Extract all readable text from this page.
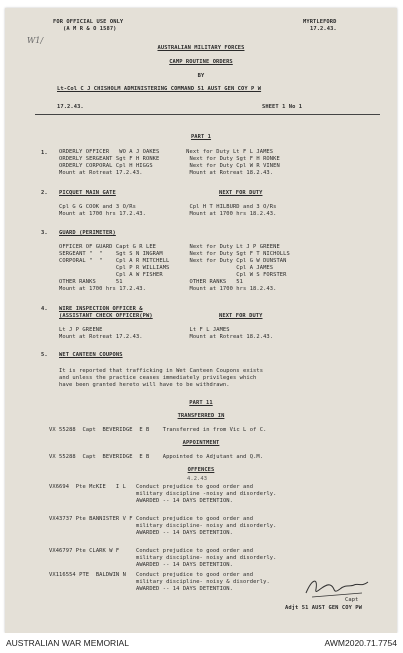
W1/
FOR OFFICIAL USE ONLY
(A M R & O 1587)
MYRTLEFORD
17.2.43.
AUSTRALIAN MILITARY FORCES
CAMP ROUTINE ORDERS
BY
Lt-Col C J CHISHOLM ADMINISTERING COMMAND 51 AUST GEN COY P W
17.2.43.	SHEET 1 No 1
PART 1
1. ORDERLY OFFICER   WO A J OAKES        Next for Duty Lt F L JAMES
ORDERLY SERGEANT Sgt F H RONKE         Next for Duty Sgt F H RONKE
ORDERLY CORPORAL Cpl H HIGGS           Next for Duty Cpl W R VINEN
Mount at Rotreat 17.2.43.              Mount at Rotreat 18.2.43.
2. PICQUET MAIN GATE	NEXT FOR DUTY
Cpl G G COOK and 3 O/Rs                Cpl H T HILBURD and 3 O/Rs
Mount at 1700 hrs 17.2.43.             Mount at 1700 hrs 18.2.43.
3. GUARD (PERIMETER)
OFFICER OF GUARD Capt G R LEE          Next for Duty Lt J P GREENE
SERGEANT "  "    Sgt S N INGRAM        Next for Duty Sgt F T NICHOLLS
CORPORAL "  "    Cpl A R MITCHELL      Next for Duty Cpl G W DUNSTAN
Cpl P R WILLIAMS                    Cpl A JAMES
Cpl A W FISHER                      Cpl W S FORSTER
OTHER RANKS      51                    OTHER RANKS   51
Mount at 1700 hrs 17.2.43.             Mount at 1700 hrs 18.2.43.
4. WIRE INSPECTION OFFICER &
(ASSISTANT CHECK OFFICER(PW)	NEXT FOR DUTY
Lt J P GREENE                          Lt F L JAMES
Mount at Rotreat 17.2.43.              Mount at Rotreat 18.2.43.
5. WET CANTEEN COUPONS
It is reported that trafficking in Wet Canteen Coupons exists
and unless the practice ceases immediately privileges which
have been granted hereto will have to be withdrawn.
PART 11
TRANSFERRED IN
VX 55288  Capt  BEVERIDGE  E B    Transferred in from Vic L of C.
APPOINTMENT
VX 55288  Capt  BEVERIDGE  E B    Appointed to Adjutant and Q.M.
OFFENCES
4.2.43
VX6694  Pte McKIE   I L   Conduct prejudice to good order and
military discipline -noisy and disorderly.
AWARDED -- 14 DAYS DETENTION.
VX43737 Pte BANNISTER V F Conduct prejudice to good order and
military discipline- noisy and disorderly.
AWARDED -- 14 DAYS DETENTION.
VX46797 Pte CLARK W F     Conduct prejudice to good order and
military discipline- noisy and disorderly.
AWARDED -- 14 DAYS DETENTION.
VX116554 PTE  BALDWIN N   Conduct prejudice to good order and
military discipline- noisy & disorderly.
AWARDED -- 14 DAYS DETENTION.
Capt
Adjt 51 AUST GEN COY PW
AUSTRALIAN WAR MEMORIAL	AWM2020.71.7754
